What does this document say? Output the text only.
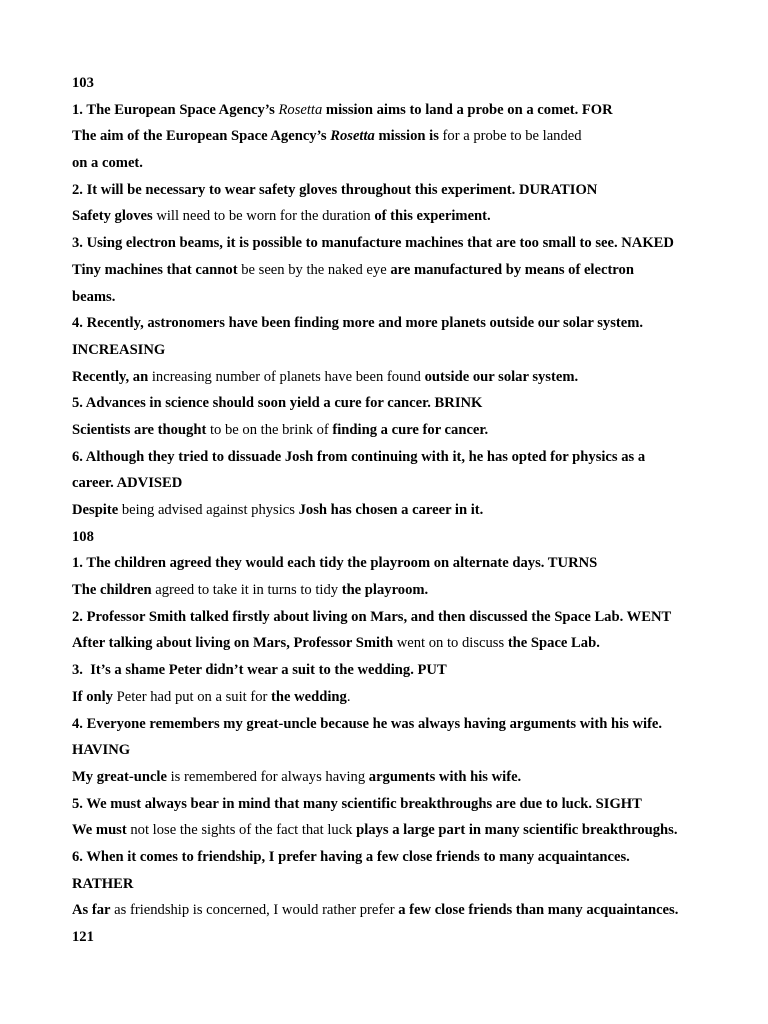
103
1. The European Space Agency’s Rosetta mission aims to land a probe on a comet. FOR
The aim of the European Space Agency’s Rosetta mission is for a probe to be landed
on a comet.
2. It will be necessary to wear safety gloves throughout this experiment. DURATION
Safety gloves will need to be worn for the duration of this experiment.
3. Using electron beams, it is possible to manufacture machines that are too small to see. NAKED
Tiny machines that cannot be seen by the naked eye are manufactured by means of electron
beams.
4. Recently, astronomers have been finding more and more planets outside our solar system.
INCREASING
Recently, an increasing number of planets have been found outside our solar system.
5. Advances in science should soon yield a cure for cancer. BRINK
Scientists are thought to be on the brink of finding a cure for cancer.
6. Although they tried to dissuade Josh from continuing with it, he has opted for physics as a
career. ADVISED
Despite being advised against physics Josh has chosen a career in it.
108
1. The children agreed they would each tidy the playroom on alternate days. TURNS
The children agreed to take it in turns to tidy the playroom.
2. Professor Smith talked firstly about living on Mars, and then discussed the Space Lab. WENT
After talking about living on Mars, Professor Smith went on to discuss the Space Lab.
3.  It’s a shame Peter didn’t wear a suit to the wedding. PUT
If only Peter had put on a suit for the wedding.
4. Everyone remembers my great-uncle because he was always having arguments with his wife.
HAVING
My great-uncle is remembered for always having arguments with his wife.
5. We must always bear in mind that many scientific breakthroughs are due to luck. SIGHT
We must not lose the sights of the fact that luck plays a large part in many scientific breakthroughs.
6. When it comes to friendship, I prefer having a few close friends to many acquaintances.
RATHER
As far as friendship is concerned, I would rather prefer a few close friends than many acquaintances.
121
